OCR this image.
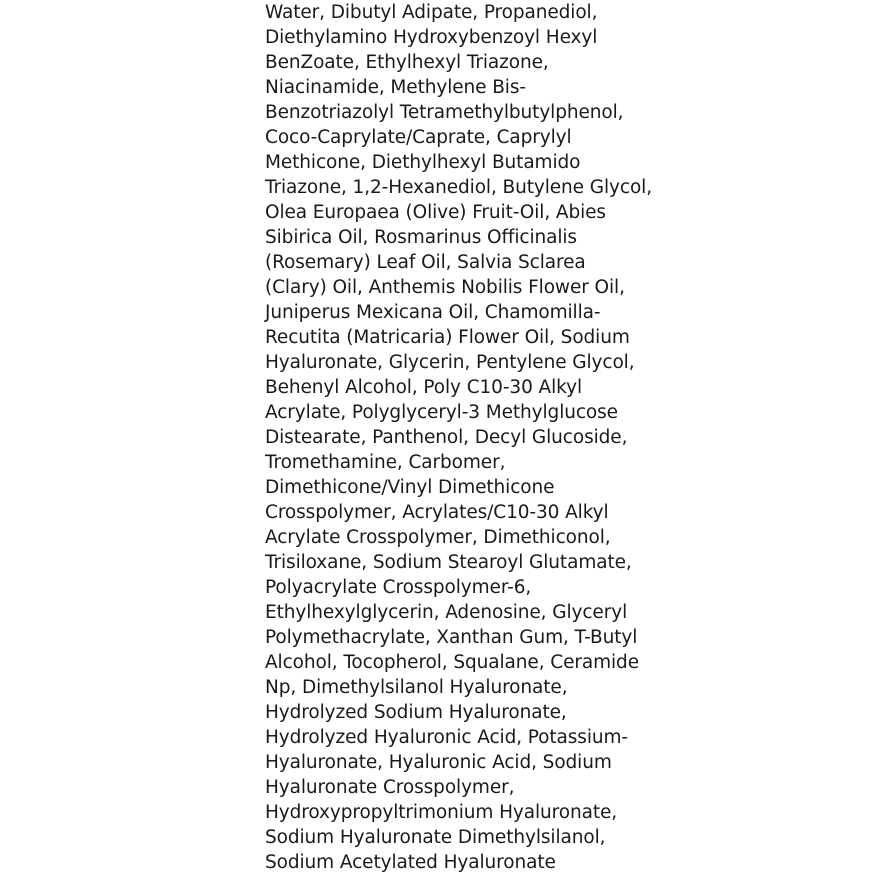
Water, Dibutyl Adipate, Propanediol,
Diethylamino Hydroxybenzoyl Hexyl
BenZoate, Ethylhexyl Triazone,
Niacinamide, Methylene Bis-
Benzotriazolyl Tetramethylbutylphenol,
Coco-Caprylate/Caprate, Caprylyl
Methicone, Diethylhexyl Butamido
Triazone, 1,2-Hexanediol, Butylene Glycol,
Olea Europaea (Olive) Fruit-Oil, Abies
Sibirica Oil, Rosmarinus Officinalis
(Rosemary) Leaf Oil, Salvia Sclarea
(Clary) Oil, Anthemis Nobilis Flower Oil,
Juniperus Mexicana Oil, Chamomilla-
Recutita (Matricaria) Flower Oil, Sodium
Hyaluronate, Glycerin, Pentylene Glycol,
Behenyl Alcohol, Poly C10-30 Alkyl
Acrylate, Polyglyceryl-3 Methylglucose
Distearate, Panthenol, Decyl Glucoside,
Tromethamine, Carbomer,
Dimethicone/Vinyl Dimethicone
Crosspolymer, Acrylates/C10-30 Alkyl
Acrylate Crosspolymer, Dimethiconol,
Trisiloxane, Sodium Stearoyl Glutamate,
Polyacrylate Crosspolymer-6,
Ethylhexylglycerin, Adenosine, Glyceryl
Polymethacrylate, Xanthan Gum, T-Butyl
Alcohol, Tocopherol, Squalane, Ceramide
Np, Dimethylsilanol Hyaluronate,
Hydrolyzed Sodium Hyaluronate,
Hydrolyzed Hyaluronic Acid, Potassium-
Hyaluronate, Hyaluronic Acid, Sodium
Hyaluronate Crosspolymer,
Hydroxypropyltrimonium Hyaluronate,
Sodium Hyaluronate Dimethylsilanol,
Sodium Acetylated Hyaluronate
